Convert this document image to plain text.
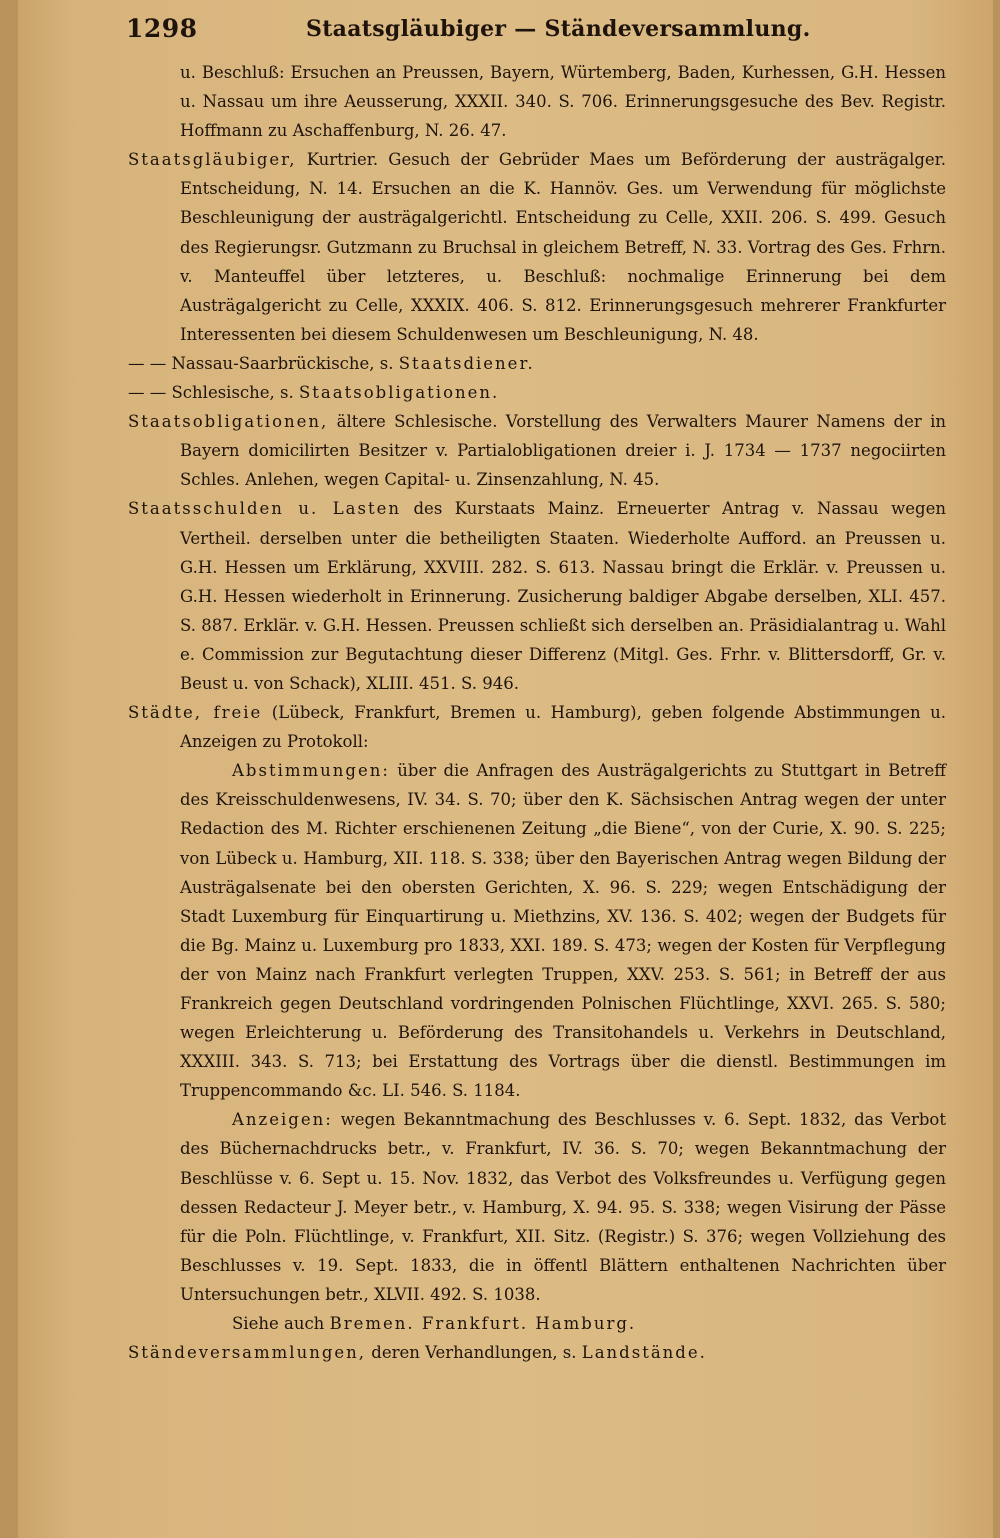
1298	Staatsgläubiger — Ständeversammlung.

u. Beschluß: Ersuchen an Preussen, Bayern, Würtemberg, Baden, Kurhessen, G.H. Hessen u. Nassau um ihre Aeusserung, XXXII. 340. S. 706. Erinnerungsgesuche des Bev. Registr. Hoffmann zu Aschaffenburg, N. 26. 47.

Staatsgläubiger, Kurtrier. Gesuch der Gebrüder Maes um Beförderung der austrägalger. Entscheidung, N. 14. Ersuchen an die K. Hannöv. Ges. um Verwendung für möglichste Beschleunigung der austrägalgerichtl. Entscheidung zu Celle, XXII. 206. S. 499. Gesuch des Regierungsr. Gutzmann zu Bruchsal in gleichem Betreff, N. 33. Vortrag des Ges. Frhrn. v. Manteuffel über letzteres, u. Beschluß: nochmalige Erinnerung bei dem Austrägalgericht zu Celle, XXXIX. 406. S. 812. Erinnerungsgesuch mehrerer Frankfurter Interessenten bei diesem Schuldenwesen um Beschleunigung, N. 48.

— — Nassau-Saarbrückische, s. Staatsdiener.

— — Schlesische, s. Staatsobligationen.

Staatsobligationen, ältere Schlesische. Vorstellung des Verwalters Maurer Namens der in Bayern domicilirten Besitzer v. Partialobligationen dreier i. J. 1734 — 1737 negociirten Schles. Anlehen, wegen Capital- u. Zinsenzahlung, N. 45.

Staatsschulden u. Lasten des Kurstaats Mainz. Erneuerter Antrag v. Nassau wegen Vertheil. derselben unter die betheiligten Staaten. Wiederholte Aufford. an Preussen u. G.H. Hessen um Erklärung, XXVIII. 282. S. 613. Nassau bringt die Erklär. v. Preussen u. G.H. Hessen wiederholt in Erinnerung. Zusicherung baldiger Abgabe derselben, XLI. 457. S. 887. Erklär. v. G.H. Hessen. Preussen schließt sich derselben an. Präsidialantrag u. Wahl e. Commission zur Begutachtung dieser Differenz (Mitgl. Ges. Frhr. v. Blittersdorff, Gr. v. Beust u. von Schack), XLIII. 451. S. 946.

Städte, freie (Lübeck, Frankfurt, Bremen u. Hamburg), geben folgende Abstimmungen u. Anzeigen zu Protokoll:

Abstimmungen: über die Anfragen des Austrägalgerichts zu Stuttgart in Betreff des Kreisschuldenwesens, IV. 34. S. 70; über den K. Sächsischen Antrag wegen der unter Redaction des M. Richter erschienenen Zeitung „die Biene“, von der Curie, X. 90. S. 225; von Lübeck u. Hamburg, XII. 118. S. 338; über den Bayerischen Antrag wegen Bildung der Austrägalsenate bei den obersten Gerichten, X. 96. S. 229; wegen Entschädigung der Stadt Luxemburg für Einquartirung u. Miethzins, XV. 136. S. 402; wegen der Budgets für die Bg. Mainz u. Luxemburg pro 1833, XXI. 189. S. 473; wegen der Kosten für Verpflegung der von Mainz nach Frankfurt verlegten Truppen, XXV. 253. S. 561; in Betreff der aus Frankreich gegen Deutschland vordringenden Polnischen Flüchtlinge, XXVI. 265. S. 580; wegen Erleichterung u. Beförderung des Transitohandels u. Verkehrs in Deutschland, XXXIII. 343. S. 713; bei Erstattung des Vortrags über die dienstl. Bestimmungen im Truppencommando &c. LI. 546. S. 1184.

Anzeigen: wegen Bekanntmachung des Beschlusses v. 6. Sept. 1832, das Verbot des Büchernachdrucks betr., v. Frankfurt, IV. 36. S. 70; wegen Bekanntmachung der Beschlüsse v. 6. Sept u. 15. Nov. 1832, das Verbot des Volksfreundes u. Verfügung gegen dessen Redacteur J. Meyer betr., v. Hamburg, X. 94. 95. S. 338; wegen Visirung der Pässe für die Poln. Flüchtlinge, v. Frankfurt, XII. Sitz. (Registr.) S. 376; wegen Vollziehung des Beschlusses v. 19. Sept. 1833, die in öffentl Blättern enthaltenen Nachrichten über Untersuchungen betr., XLVII. 492. S. 1038.

Siehe auch Bremen. Frankfurt. Hamburg.

Ständeversammlungen, deren Verhandlungen, s. Landstände.
